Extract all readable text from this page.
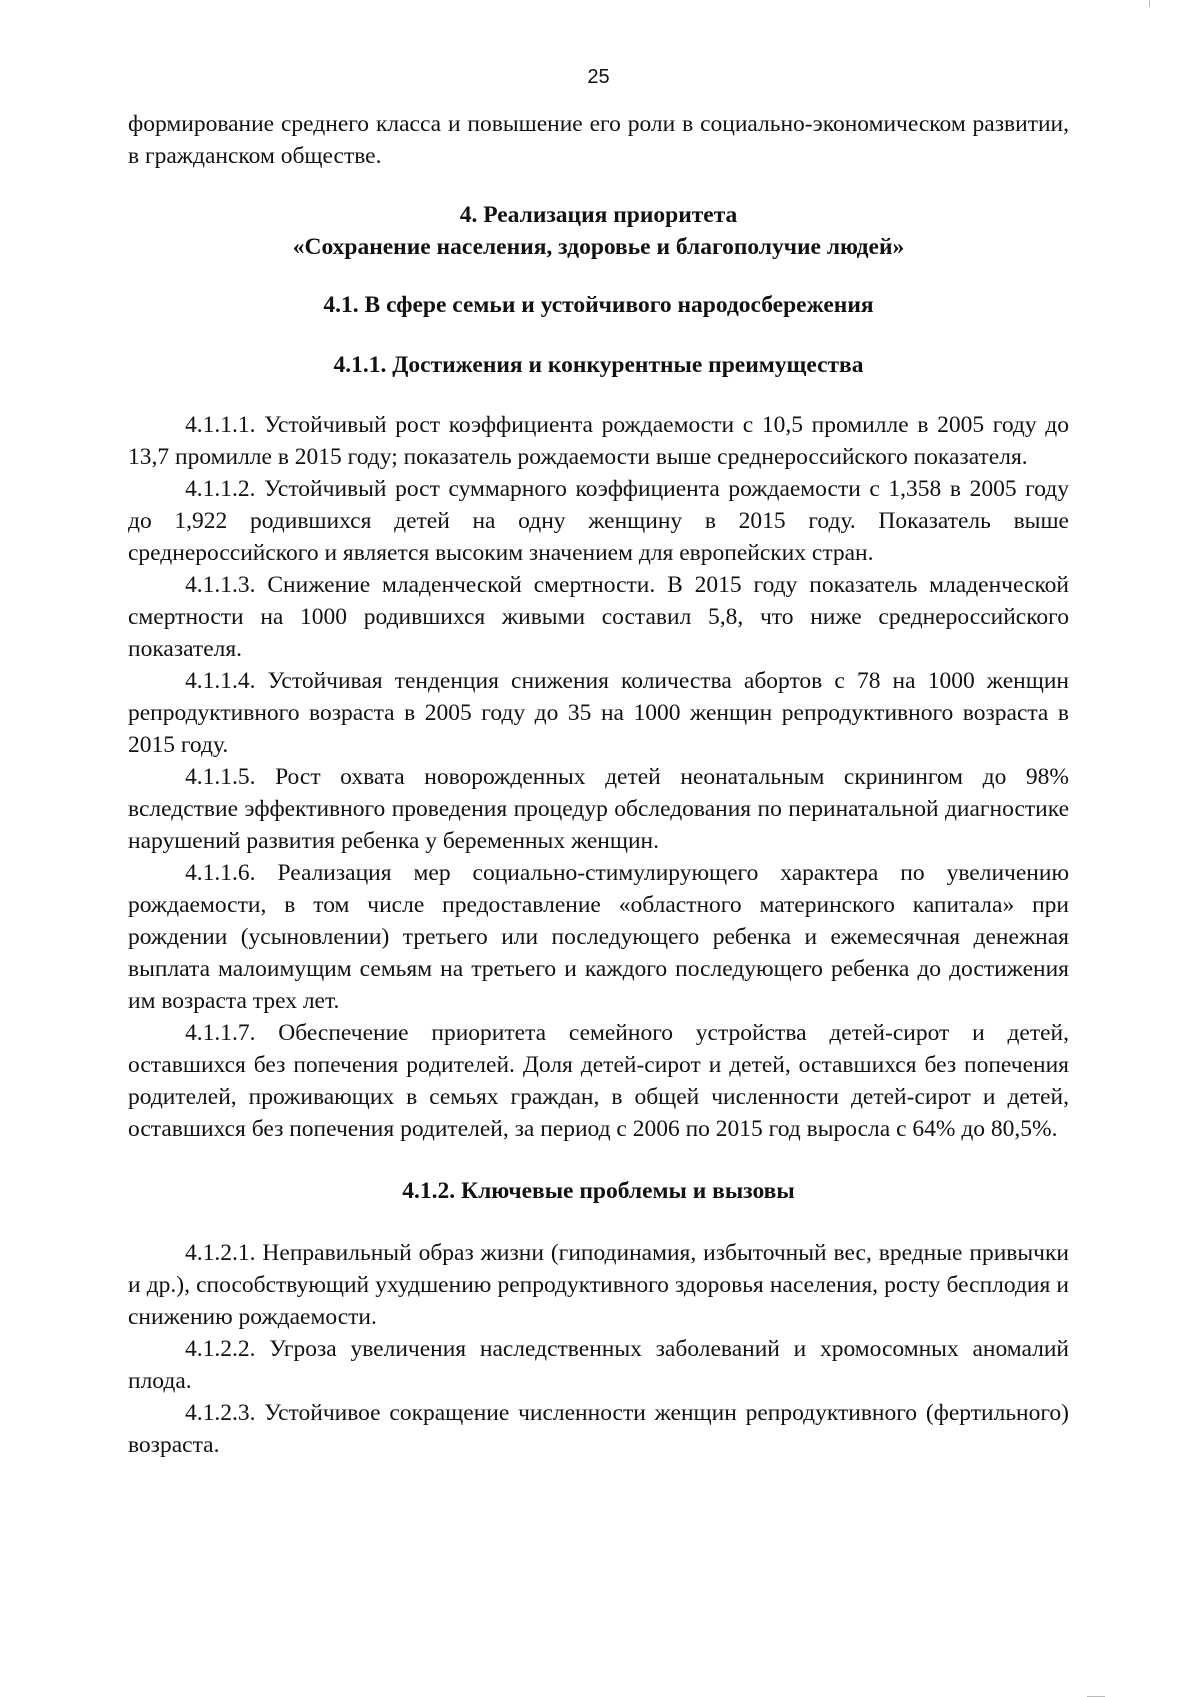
25

формирование среднего класса и повышение его роли в социально-экономическом развитии, в гражданском обществе.

4. Реализация приоритета
«Сохранение населения, здоровье и благополучие людей»
4.1. В сфере семьи и устойчивого народосбережения
4.1.1. Достижения и конкурентные преимущества

4.1.1.1. Устойчивый рост коэффициента рождаемости с 10,5 промилле в 2005 году до 13,7 промилле в 2015 году; показатель рождаемости выше среднероссийского показателя.

4.1.1.2. Устойчивый рост суммарного коэффициента рождаемости с 1,358 в 2005 году до 1,922 родившихся детей на одну женщину в 2015 году. Показатель выше среднероссийского и является высоким значением для европейских стран.

4.1.1.3. Снижение младенческой смертности. В 2015 году показатель младенческой смертности на 1000 родившихся живыми составил 5,8, что ниже среднероссийского показателя.

4.1.1.4. Устойчивая тенденция снижения количества абортов с 78 на 1000 женщин репродуктивного возраста в 2005 году до 35 на 1000 женщин репродуктивного возраста в 2015 году.

4.1.1.5. Рост охвата новорожденных детей неонатальным скринингом до 98% вследствие эффективного проведения процедур обследования по перинатальной диагностике нарушений развития ребенка у беременных женщин.

4.1.1.6. Реализация мер социально-стимулирующего характера по увеличению рождаемости, в том числе предоставление «областного материнского капитала» при рождении (усыновлении) третьего или последующего ребенка и ежемесячная денежная выплата малоимущим семьям на третьего и каждого последующего ребенка до достижения им возраста трех лет.

4.1.1.7. Обеспечение приоритета семейного устройства детей-сирот и детей, оставшихся без попечения родителей. Доля детей-сирот и детей, оставшихся без попечения родителей, проживающих в семьях граждан, в общей численности детей-сирот и детей, оставшихся без попечения родителей, за период с 2006 по 2015 год выросла с 64% до 80,5%.

4.1.2. Ключевые проблемы и вызовы

4.1.2.1. Неправильный образ жизни (гиподинамия, избыточный вес, вредные привычки и др.), способствующий ухудшению репродуктивного здоровья населения, росту бесплодия и снижению рождаемости.

4.1.2.2. Угроза увеличения наследственных заболеваний и хромосомных аномалий плода.

4.1.2.3. Устойчивое сокращение численности женщин репродуктивного (фертильного) возраста.
